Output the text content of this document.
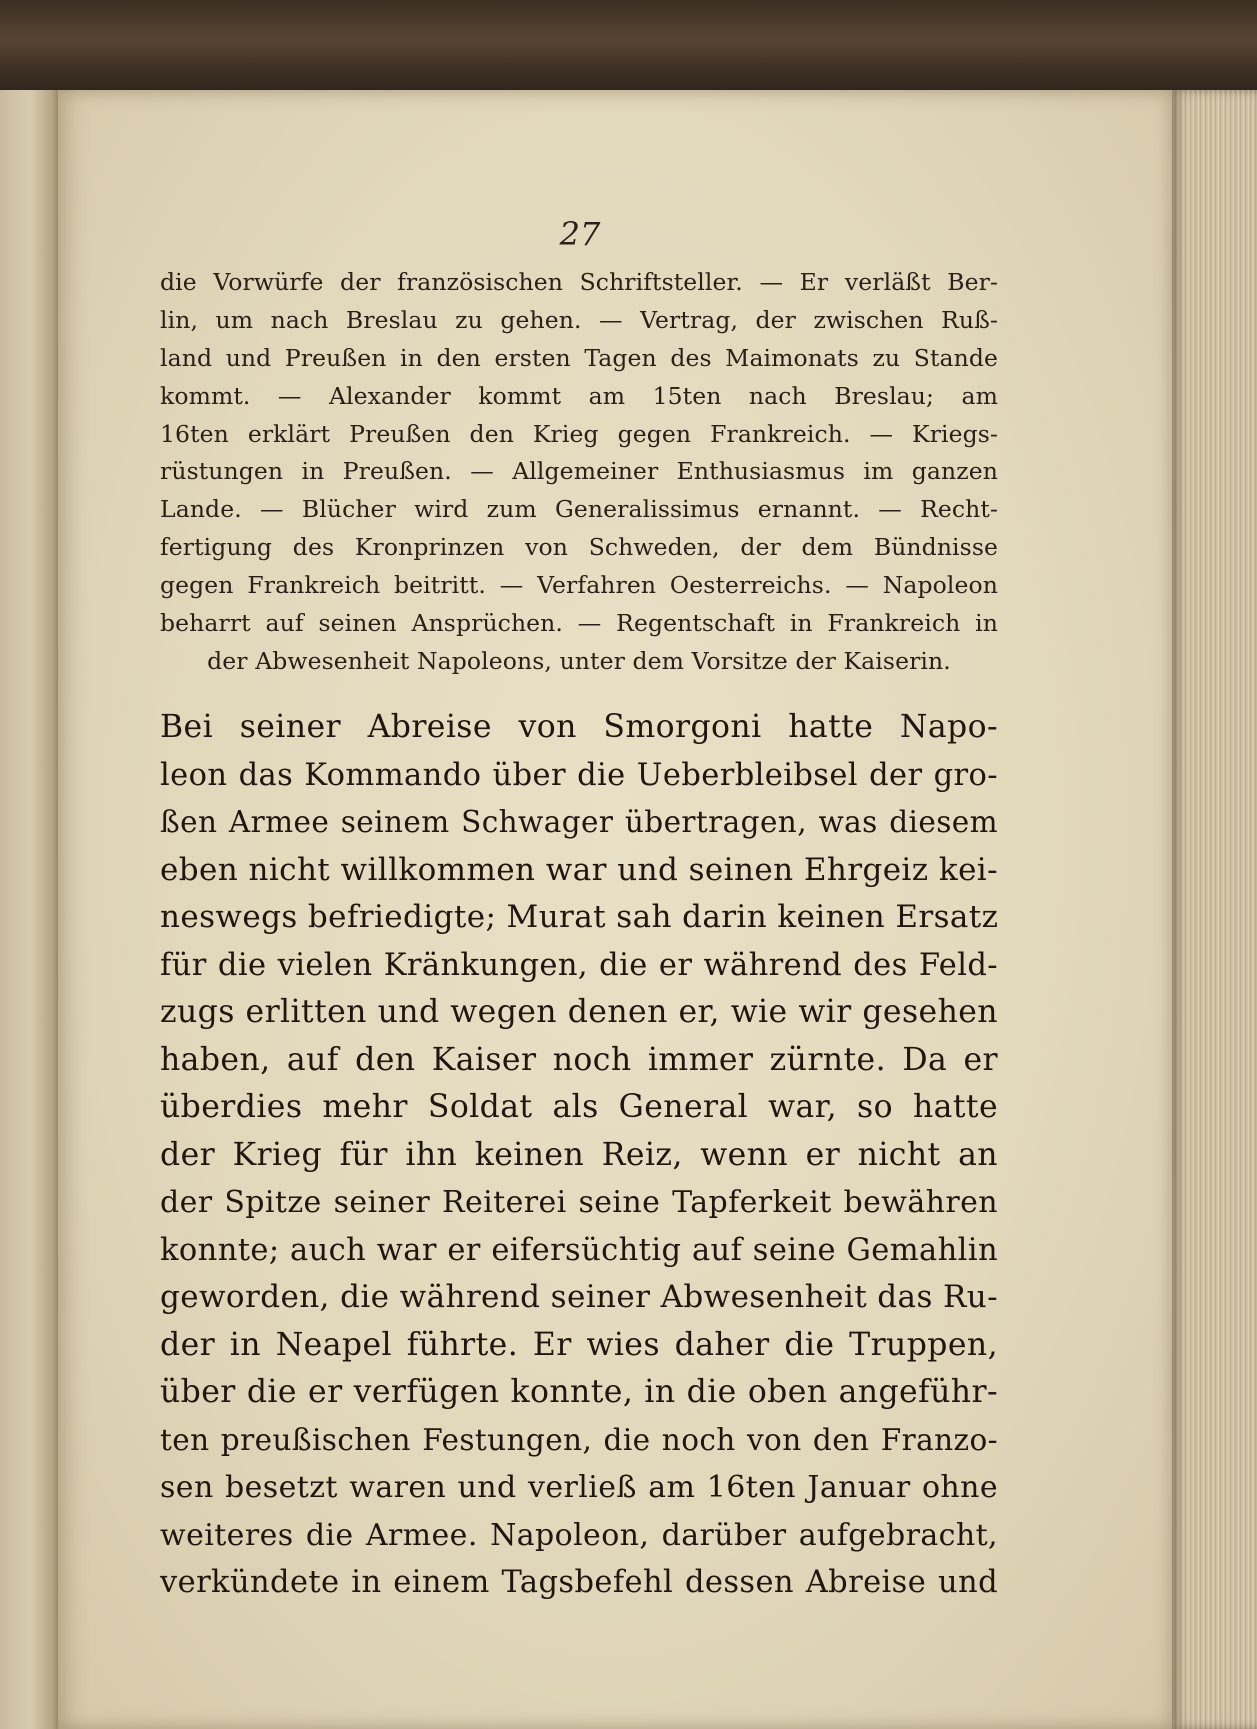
27
die Vorwürfe der französischen Schriftsteller. — Er verläßt Ber-
lin, um nach Breslau zu gehen. — Vertrag, der zwischen Ruß-
land und Preußen in den ersten Tagen des Maimonats zu Stande
kommt. — Alexander kommt am 15ten nach Breslau; am
16ten erklärt Preußen den Krieg gegen Frankreich. — Kriegs-
rüstungen in Preußen. — Allgemeiner Enthusiasmus im ganzen
Lande. — Blücher wird zum Generalissimus ernannt. — Recht-
fertigung des Kronprinzen von Schweden, der dem Bündnisse
gegen Frankreich beitritt. — Verfahren Oesterreichs. — Napoleon
beharrt auf seinen Ansprüchen. — Regentschaft in Frankreich in
der Abwesenheit Napoleons, unter dem Vorsitze der Kaiserin.
Bei seiner Abreise von Smorgoni hatte Napo-
leon das Kommando über die Ueberbleibsel der gro-
ßen Armee seinem Schwager übertragen, was diesem
eben nicht willkommen war und seinen Ehrgeiz kei-
neswegs befriedigte; Murat sah darin keinen Ersatz
für die vielen Kränkungen, die er während des Feld-
zugs erlitten und wegen denen er, wie wir gesehen
haben, auf den Kaiser noch immer zürnte. Da er
überdies mehr Soldat als General war, so hatte
der Krieg für ihn keinen Reiz, wenn er nicht an
der Spitze seiner Reiterei seine Tapferkeit bewähren
konnte; auch war er eifersüchtig auf seine Gemahlin
geworden, die während seiner Abwesenheit das Ru-
der in Neapel führte. Er wies daher die Truppen,
über die er verfügen konnte, in die oben angeführ-
ten preußischen Festungen, die noch von den Franzo-
sen besetzt waren und verließ am 16ten Januar ohne
weiteres die Armee. Napoleon, darüber aufgebracht,
verkündete in einem Tagsbefehl dessen Abreise und
